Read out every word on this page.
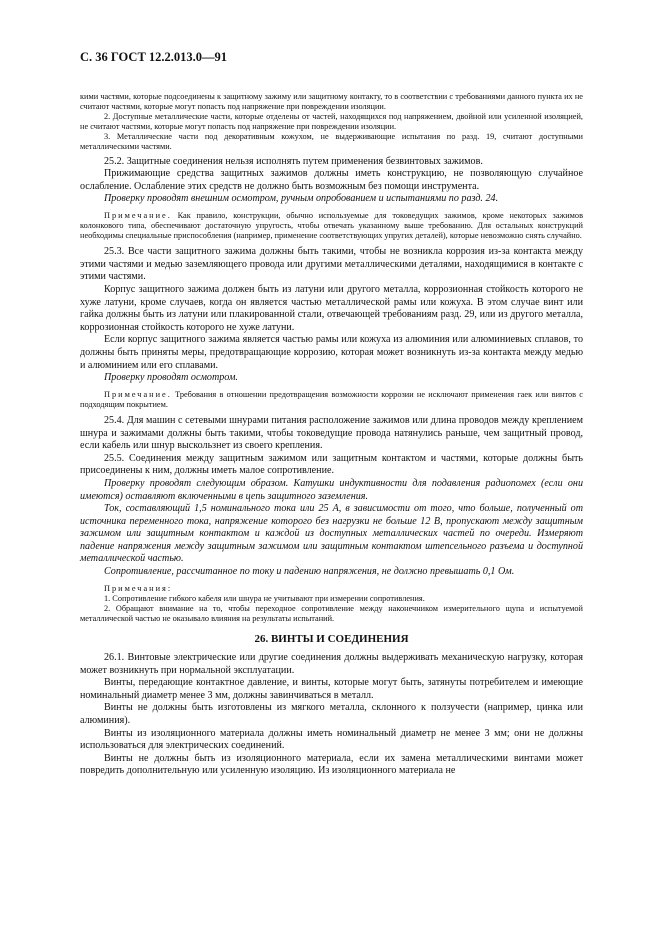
С. 36 ГОСТ 12.2.013.0—91

кими частями, которые подсоединены к защитному зажиму или защитному контакту, то в соответствии с требованиями данного пункта их не считают частями, которые могут попасть под напряжение при повреждении изоляции.

2. Доступные металлические части, которые отделены от частей, находящихся под напряжением, двойной или усиленной изоляцией, не считают частями, которые могут попасть под напряжение при повреждении изоляции.

3. Металлические части под декоративным кожухом, не выдерживающие испытания по разд. 19, считают доступными металлическими частями.

25.2. Защитные соединения нельзя исполнять путем применения безвинтовых зажимов.

Прижимающие средства защитных зажимов должны иметь конструкцию, не позволяющую случайное ослабление. Ослабление этих средств не должно быть возможным без помощи инструмента.

Проверку проводят внешним осмотром, ручным опробованием и испытаниями по разд. 24.

Примечание. Как правило, конструкции, обычно используемые для токоведущих зажимов, кроме некоторых зажимов колонкового типа, обеспечивают достаточную упругость, чтобы отвечать указанному выше требованию. Для остальных конструкций необходимы специальные приспособления (например, применение соответствующих упругих деталей), которые невозможно снять случайно.

25.3. Все части защитного зажима должны быть такими, чтобы не возникла коррозия из-за контакта между этими частями и медью заземляющего провода или другими металлическими деталями, находящимися в контакте с этими частями.

Корпус защитного зажима должен быть из латуни или другого металла, коррозионная стойкость которого не хуже латуни, кроме случаев, когда он является частью металлической рамы или кожуха. В этом случае винт или гайка должны быть из латуни или плакированной стали, отвечающей требованиям разд. 29, или из другого металла, коррозионная стойкость которого не хуже латуни.

Если корпус защитного зажима является частью рамы или кожуха из алюминия или алюминиевых сплавов, то должны быть приняты меры, предотвращающие коррозию, которая может возникнуть из-за контакта между медью и алюминием или его сплавами.

Проверку проводят осмотром.

Примечание. Требования в отношении предотвращения возможности коррозии не исключают применения гаек или винтов с подходящим покрытием.

25.4. Для машин с сетевыми шнурами питания расположение зажимов или длина проводов между креплением шнура и зажимами должны быть такими, чтобы токоведущие провода натянулись раньше, чем защитный провод, если кабель или шнур выскользнет из своего крепления.

25.5. Соединения между защитным зажимом или защитным контактом и частями, которые должны быть присоединены к ним, должны иметь малое сопротивление.

Проверку проводят следующим образом. Катушки индуктивности для подавления радиопомех (если они имеются) оставляют включенными в цепь защитного заземления.

Ток, составляющий 1,5 номинального тока или 25 А, в зависимости от того, что больше, полученный от источника переменного тока, напряжение которого без нагрузки не больше 12 В, пропускают между защитным зажимом или защитным контактом и каждой из доступных металлических частей по очереди. Измеряют падение напряжения между защитным зажимом или защитным контактом штепсельного разъема и доступной металлической частью.

Сопротивление, рассчитанное по току и падению напряжения, не должно превышать 0,1 Ом.

Примечания:

1. Сопротивление гибкого кабеля или шнура не учитывают при измерении сопротивления.

2. Обращают внимание на то, чтобы переходное сопротивление между наконечником измерительного щупа и испытуемой металлической частью не оказывало влияния на результаты испытаний.

26. ВИНТЫ И СОЕДИНЕНИЯ

26.1. Винтовые электрические или другие соединения должны выдерживать механическую нагрузку, которая может возникнуть при нормальной эксплуатации.

Винты, передающие контактное давление, и винты, которые могут быть, затянуты потребителем и имеющие номинальный диаметр менее 3 мм, должны завинчиваться в металл.

Винты не должны быть изготовлены из мягкого металла, склонного к ползучести (например, цинка или алюминия).

Винты из изоляционного материала должны иметь номинальный диаметр не менее 3 мм; они не должны использоваться для электрических соединений.

Винты не должны быть из изоляционного материала, если их замена металлическими винтами может повредить дополнительную или усиленную изоляцию. Из изоляционного материала не
